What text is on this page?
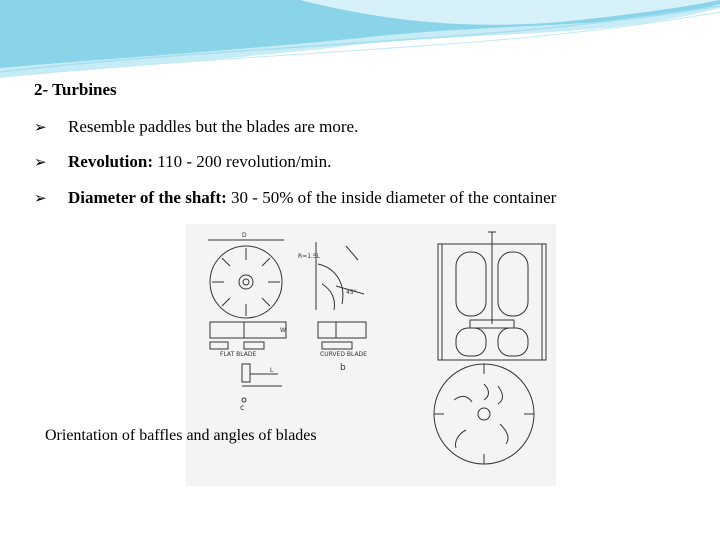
2- Turbines
➢ Resemble paddles but the blades are more.
➢ Revolution: 110 - 200 revolution/min.
➢ Diameter of the shaft: 30 - 50% of the inside diameter of the container
D
R=1.5L
45°
FLAT BLADE	CURVED BLADE
b
c
L
W
Orientation of baffles and angles of blades
